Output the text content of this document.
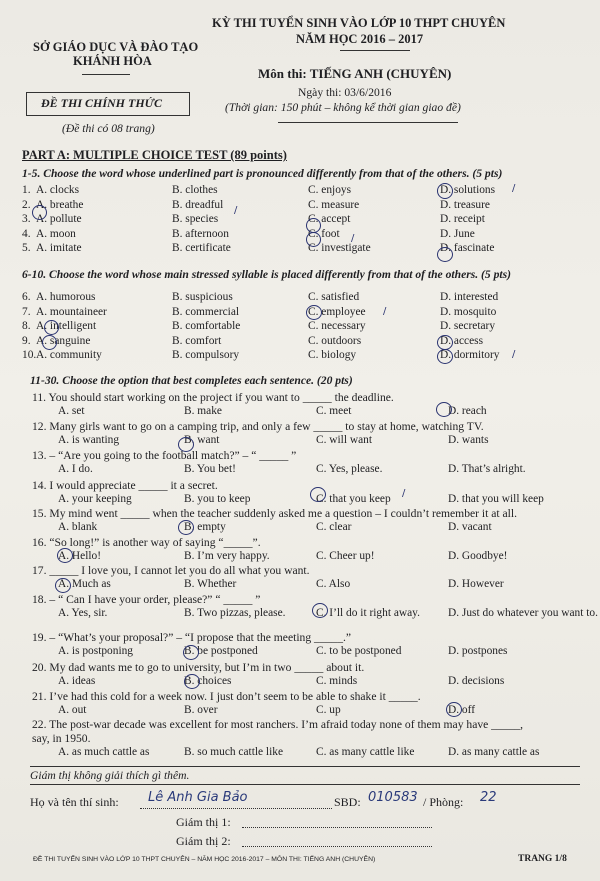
SỞ GIÁO DỤC VÀ ĐÀO TẠO
KHÁNH HÒA
KỲ THI TUYỂN SINH VÀO LỚP 10 THPT CHUYÊN
NĂM HỌC 2016 – 2017
ĐỀ THI CHÍNH THỨC
(Đề thi có 08 trang)
Môn thi: TIẾNG ANH (CHUYÊN)
Ngày thi: 03/6/2016
(Thời gian: 150 phút – không kể thời gian giao đề)
PART A: MULTIPLE CHOICE TEST (89 points)
1-5. Choose the word whose underlined part is pronounced differently from that of the others. (5 pts)
1. A. clocks	B. clothes	C. enjoys	D. solutions
2. A. breathe	B. dreadful	C. measure	D. treasure
3. A. pollute	B. species	C. accept	D. receipt
4. A. moon	B. afternoon	C. foot	D. June
5. A. imitate	B. certificate	C. investigate	D. fascinate
6-10. Choose the word whose main stressed syllable is placed differently from that of the others. (5 pts)
6. A. humorous	B. suspicious	C. satisfied	D. interested
7. A. mountaineer	B. commercial	C. employee	D. mosquito
8. A. intelligent	B. comfortable	C. necessary	D. secretary
9. A. sanguine	B. comfort	C. outdoors	D. access
10. A. community	B. compulsory	C. biology	D. dormitory
11-30. Choose the option that best completes each sentence. (20 pts)
11. You should start working on the project if you want to _____ the deadline.
A. set	B. make	C. meet	D. reach
12. Many girls want to go on a camping trip, and only a few _____ to stay at home, watching TV.
A. is wanting	B. want	C. will want	D. wants
13. – “Are you going to the football match?” – “ _____ ”
A. I do.	B. You bet!	C. Yes, please.	D. That’s alright.
14. I would appreciate _____ it a secret.
A. your keeping	B. you to keep	C. that you keep	D. that you will keep
15. My mind went _____ when the teacher suddenly asked me a question – I couldn’t remember it at all.
A. blank	B. empty	C. clear	D. vacant
16. “So long!” is another way of saying “_____”.
A. Hello!	B. I’m very happy.	C. Cheer up!	D. Goodbye!
17. _____ I love you, I cannot let you do all what you want.
A. Much as	B. Whether	C. Also	D. However
18. – “ Can I have your order, please?” “ _____ ”
A. Yes, sir.	B. Two pizzas, please.	C. I’ll do it right away. D. Just do whatever you want to.
19. – “What’s your proposal?” – “I propose that the meeting _____.”
A. is postponing	B. be postponed	C. to be postponed	D. postpones
20. My dad wants me to go to university, but I’m in two _____ about it.
A. ideas	B. choices	C. minds	D. decisions
21. I’ve had this cold for a week now. I just don’t seem to be able to shake it _____.
A. out	B. over	C. up	D. off
22. The post-war decade was excellent for most ranchers. I’m afraid today none of them may have _____,
say, in 1950.
A. as much cattle as	B. so much cattle like	C. as many cattle like	D. as many cattle as
/
/
/
/
/
/
Giám thị không giải thích gì thêm.
Họ và tên thí sinh: Lê Anh Gia Bảo	SBD: 010583 / Phòng: 22
Giám thị 1:
Giám thị 2:
ĐỀ THI TUYỂN SINH VÀO LỚP 10 THPT CHUYÊN – NĂM HỌC 2016-2017 – MÔN THI: TIẾNG ANH (CHUYÊN)	TRANG 1/8
